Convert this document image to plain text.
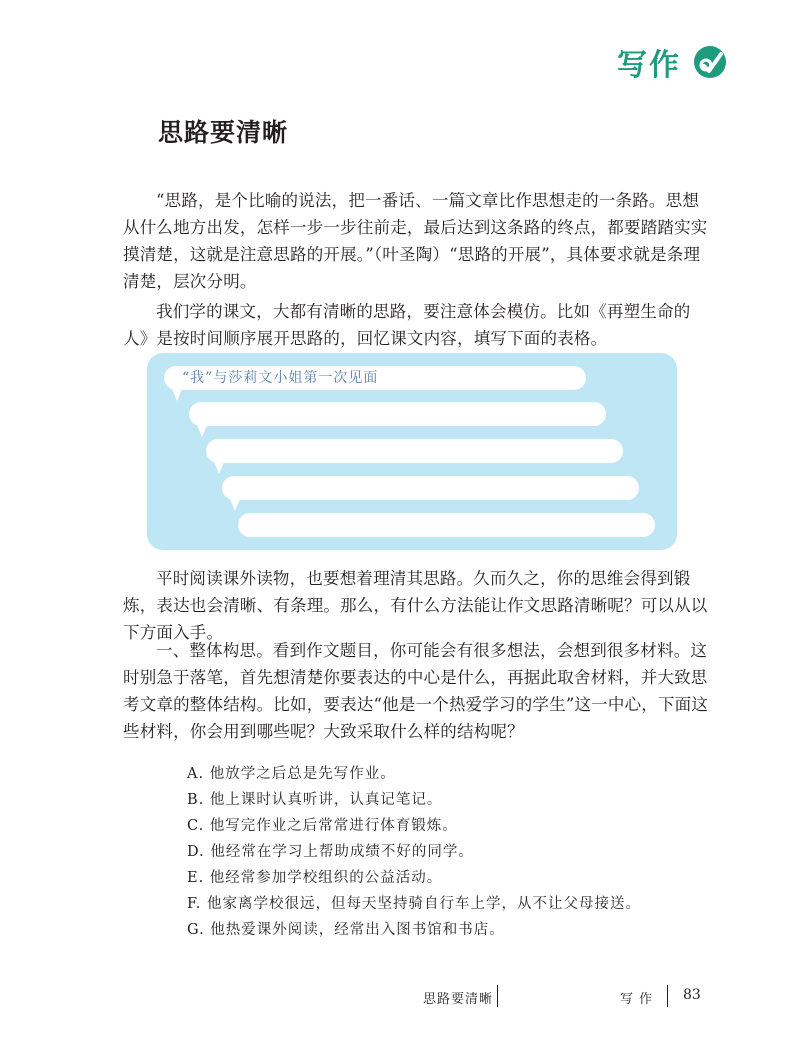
写作
思路要清晰

“思路，是个比喻的说法，把一番话、一篇文章比作思想走的一条路。思想从什么地方出发，怎样一步一步往前走，最后达到这条路的终点，都要踏踏实实摸清楚，这就是注意思路的开展。”（叶圣陶）“思路的开展”，具体要求就是条理清楚，层次分明。

我们学的课文，大都有清晰的思路，要注意体会模仿。比如《再塑生命的人》是按时间顺序展开思路的，回忆课文内容，填写下面的表格。

“我”与莎莉文小姐第一次见面

平时阅读课外读物，也要想着理清其思路。久而久之，你的思维会得到锻炼，表达也会清晰、有条理。那么，有什么方法能让作文思路清晰呢？可以从以下方面入手。

一、整体构思。看到作文题目，你可能会有很多想法，会想到很多材料。这时别急于落笔，首先想清楚你要表达的中心是什么，再据此取舍材料，并大致思考文章的整体结构。比如，要表达“他是一个热爱学习的学生”这一中心，下面这些材料，你会用到哪些呢？大致采取什么样的结构呢？

A. 他放学之后总是先写作业。
B. 他上课时认真听讲，认真记笔记。
C. 他写完作业之后常常进行体育锻炼。
D. 他经常在学习上帮助成绩不好的同学。
E. 他经常参加学校组织的公益活动。
F. 他家离学校很远，但每天坚持骑自行车上学，从不让父母接送。
G. 他热爱课外阅读，经常出入图书馆和书店。
思路要清晰	写作 83
